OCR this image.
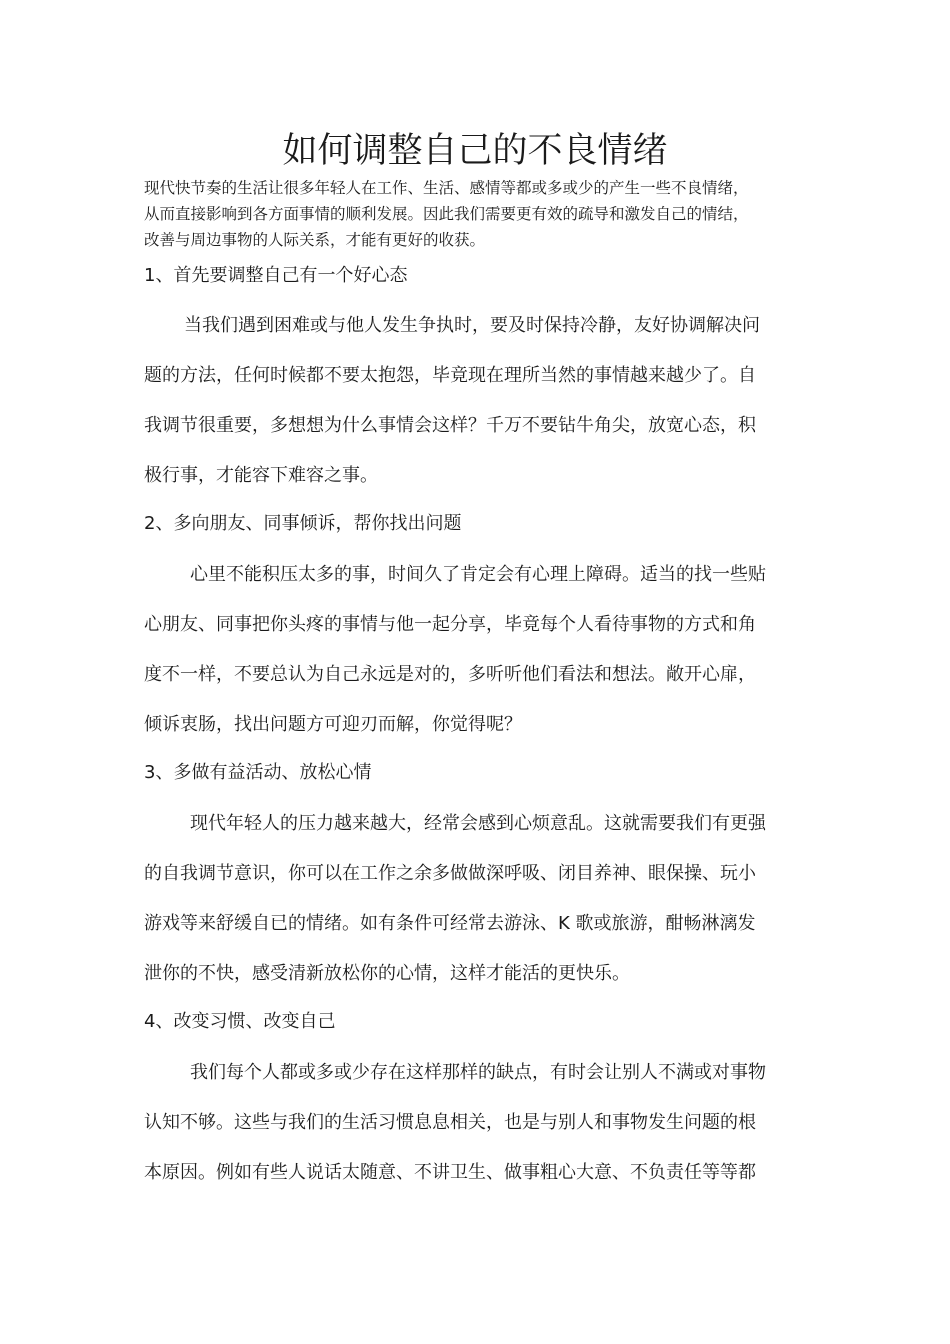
如何调整自己的不良情绪
现代快节奏的生活让很多年轻人在工作、生活、感情等都或多或少的产生一些不良情绪，
从而直接影响到各方面事情的顺利发展。因此我们需要更有效的疏导和激发自己的情结，
改善与周边事物的人际关系，才能有更好的收获。
1、首先要调整自己有一个好心态
当我们遇到困难或与他人发生争执时，要及时保持冷静，友好协调解决问
题的方法，任何时候都不要太抱怨，毕竟现在理所当然的事情越来越少了。自
我调节很重要，多想想为什么事情会这样？千万不要钻牛角尖，放宽心态，积
极行事，才能容下难容之事。
2、多向朋友、同事倾诉，帮你找出问题
心里不能积压太多的事，时间久了肯定会有心理上障碍。适当的找一些贴
心朋友、同事把你头疼的事情与他一起分享，毕竟每个人看待事物的方式和角
度不一样，不要总认为自己永远是对的，多听听他们看法和想法。敞开心扉，
倾诉衷肠，找出问题方可迎刃而解，你觉得呢？
3、多做有益活动、放松心情
现代年轻人的压力越来越大，经常会感到心烦意乱。这就需要我们有更强
的自我调节意识，你可以在工作之余多做做深呼吸、闭目养神、眼保操、玩小
游戏等来舒缓自已的情绪。如有条件可经常去游泳、K 歌或旅游，酣畅淋漓发
泄你的不快，感受清新放松你的心情，这样才能活的更快乐。
4、改变习惯、改变自己
我们每个人都或多或少存在这样那样的缺点，有时会让别人不满或对事物
认知不够。这些与我们的生活习惯息息相关，也是与别人和事物发生问题的根
本原因。例如有些人说话太随意、不讲卫生、做事粗心大意、不负责任等等都
